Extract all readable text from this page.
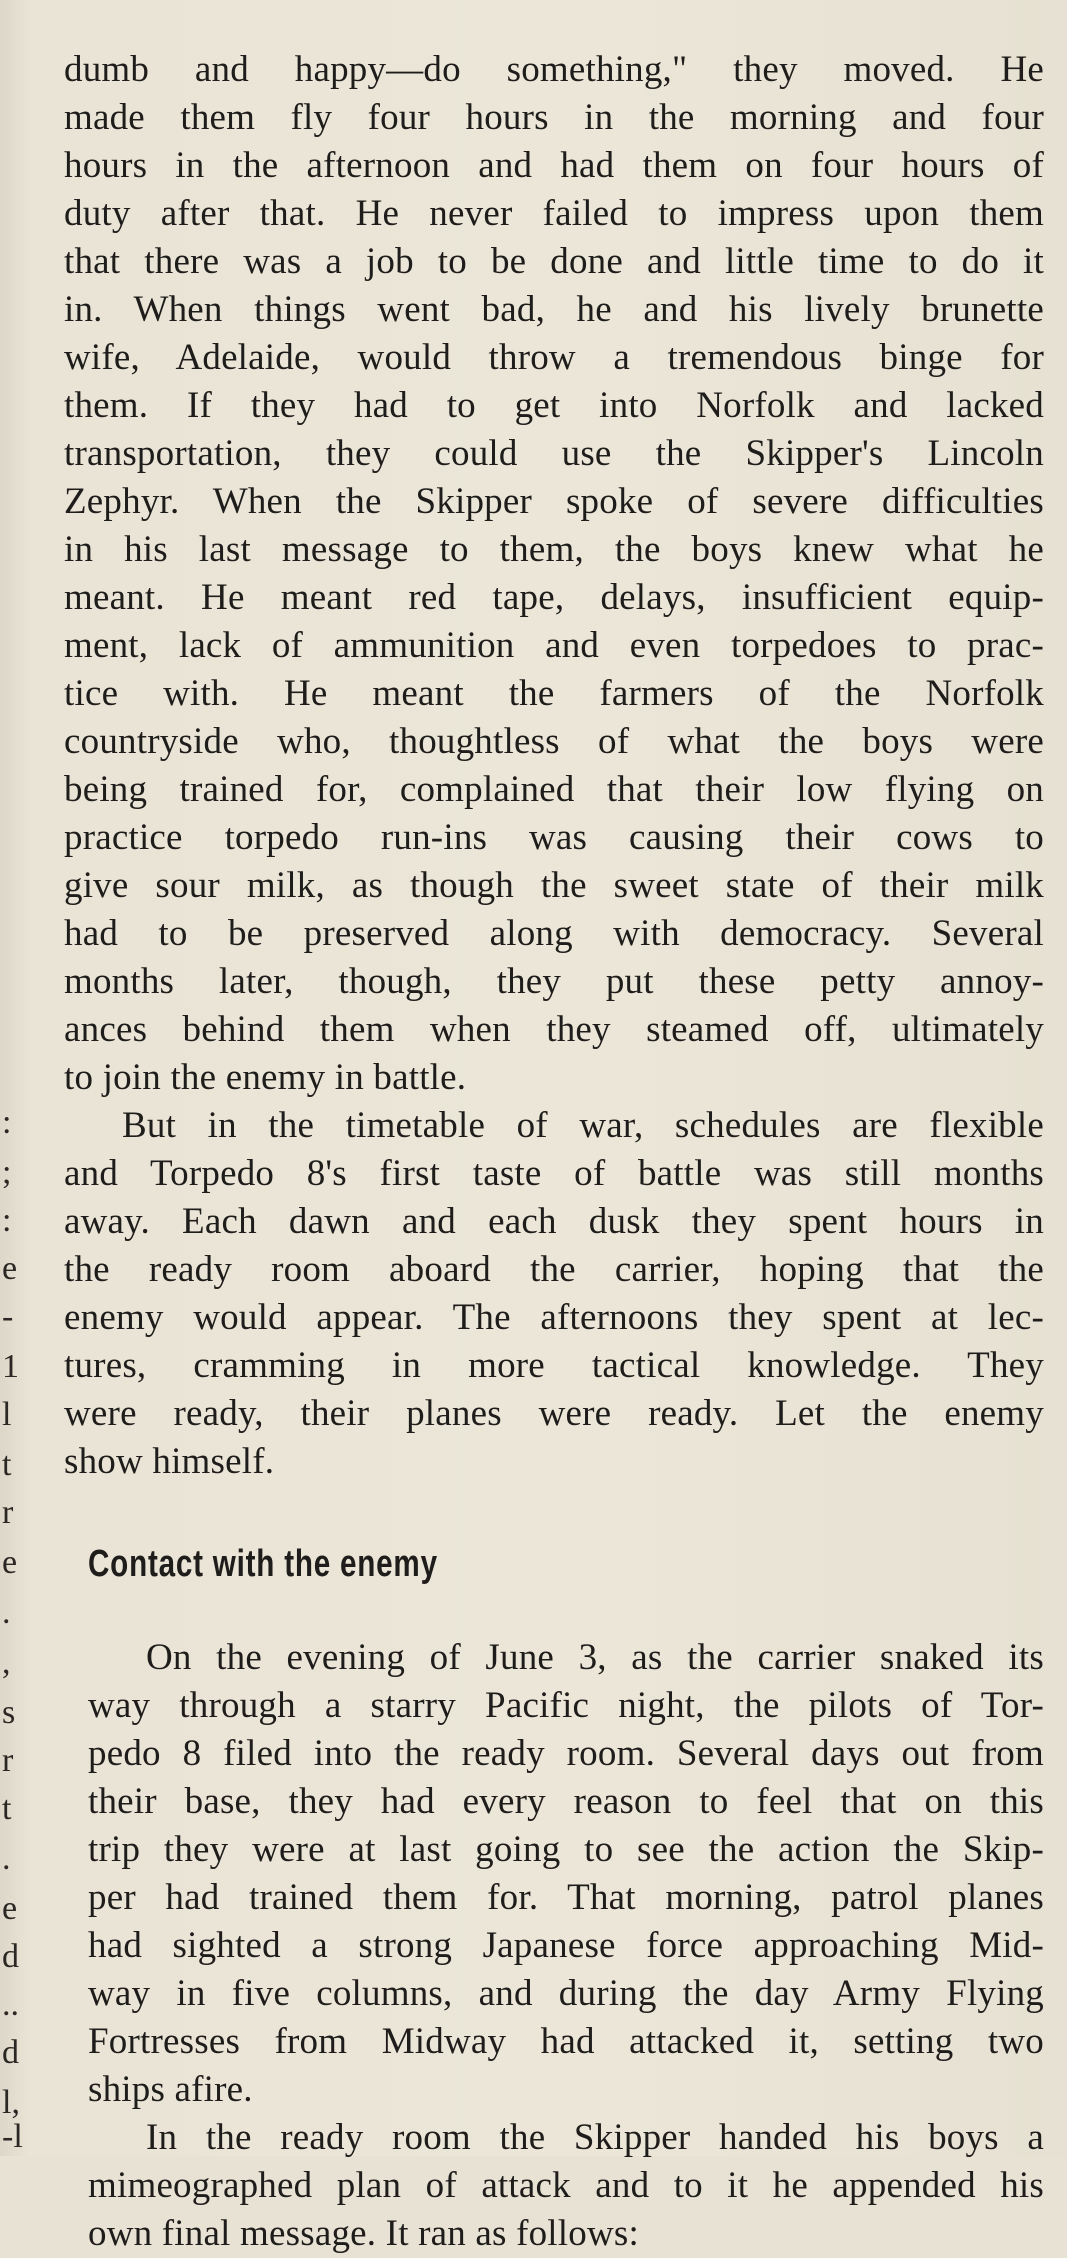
:
;
:
e
-
1
l
t
r
e
.
,
s
r
t
.
e
d
..
d
l,
-l
dumb and happy—do something," they moved. He
made them fly four hours in the morning and four
hours in the afternoon and had them on four hours of
duty after that. He never failed to impress upon them
that there was a job to be done and little time to do it
in. When things went bad, he and his lively brunette
wife, Adelaide, would throw a tremendous binge for
them. If they had to get into Norfolk and lacked
transportation, they could use the Skipper's Lincoln
Zephyr. When the Skipper spoke of severe difficulties
in his last message to them, the boys knew what he
meant. He meant red tape, delays, insufficient equip-
ment, lack of ammunition and even torpedoes to prac-
tice with. He meant the farmers of the Norfolk
countryside who, thoughtless of what the boys were
being trained for, complained that their low flying on
practice torpedo run-ins was causing their cows to
give sour milk, as though the sweet state of their milk
had to be preserved along with democracy. Several
months later, though, they put these petty annoy-
ances behind them when they steamed off, ultimately
to join the enemy in battle.
But in the timetable of war, schedules are flexible
and Torpedo 8's first taste of battle was still months
away. Each dawn and each dusk they spent hours in
the ready room aboard the carrier, hoping that the
enemy would appear. The afternoons they spent at lec-
tures, cramming in more tactical knowledge. They
were ready, their planes were ready. Let the enemy
show himself.
Contact with the enemy
On the evening of June 3, as the carrier snaked its
way through a starry Pacific night, the pilots of Tor-
pedo 8 filed into the ready room. Several days out from
their base, they had every reason to feel that on this
trip they were at last going to see the action the Skip-
per had trained them for. That morning, patrol planes
had sighted a strong Japanese force approaching Mid-
way in five columns, and during the day Army Flying
Fortresses from Midway had attacked it, setting two
ships afire.
In the ready room the Skipper handed his boys a
mimeographed plan of attack and to it he appended his
own final message. It ran as follows:
